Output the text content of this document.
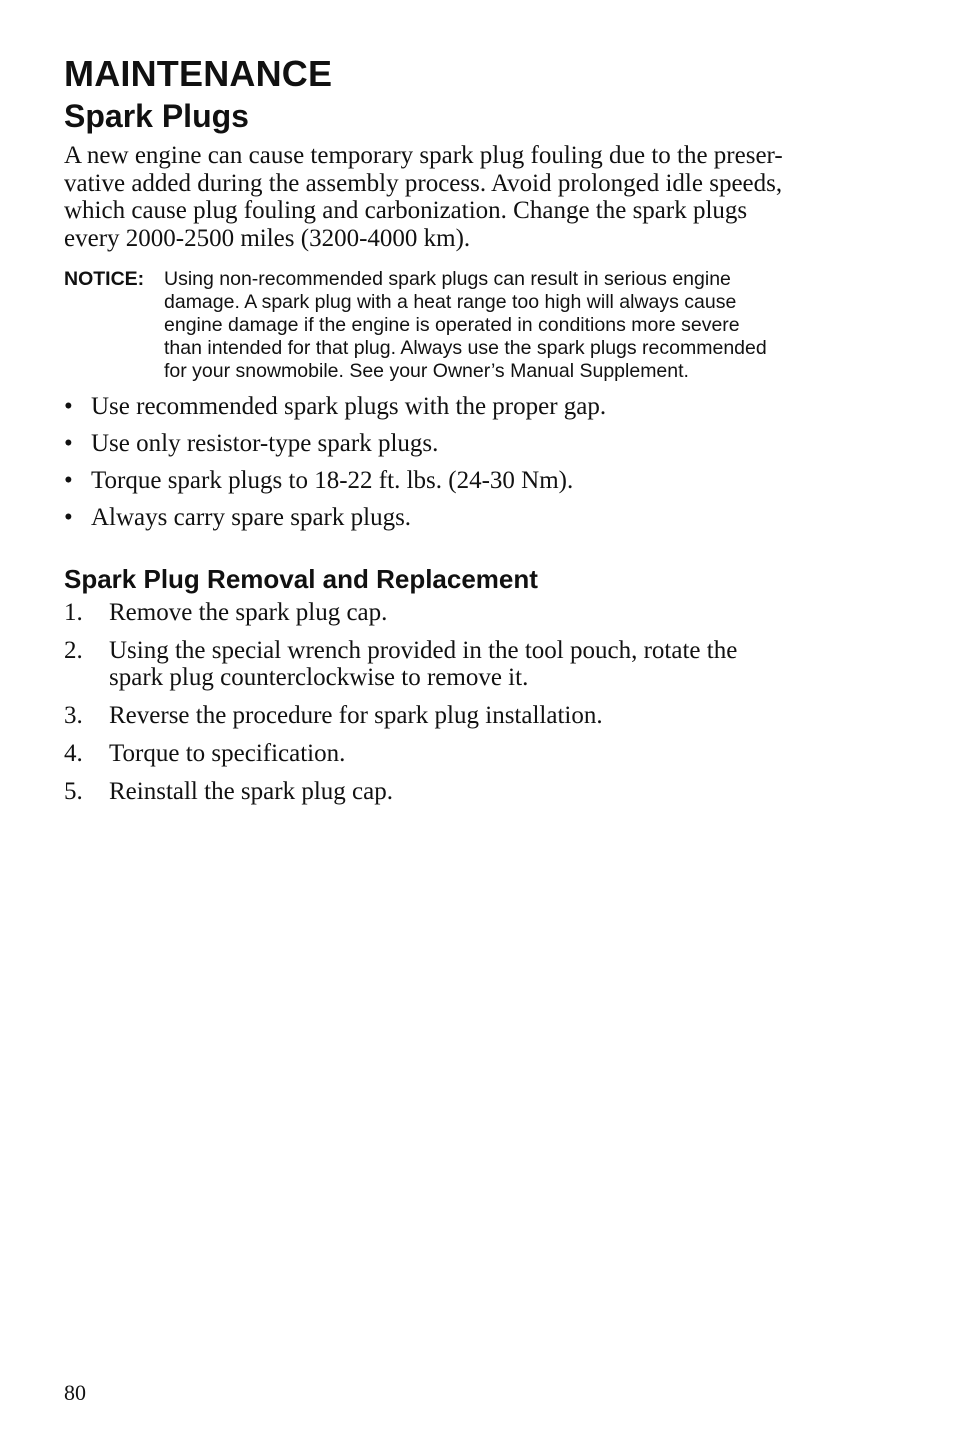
MAINTENANCE
Spark Plugs
A new engine can cause temporary spark plug fouling due to the preser-
vative added during the assembly process. Avoid prolonged idle speeds,
which cause plug fouling and carbonization. Change the spark plugs
every 2000-2500 miles (3200-4000 km).
NOTICE: Using non-recommended spark plugs can result in serious engine
damage. A spark plug with a heat range too high will always cause
engine damage if the engine is operated in conditions more severe
than intended for that plug. Always use the spark plugs recommended
for your snowmobile. See your Owner’s Manual Supplement.
• Use recommended spark plugs with the proper gap.
• Use only resistor-type spark plugs.
• Torque spark plugs to 18-22 ft. lbs. (24-30 Nm).
• Always carry spare spark plugs.
Spark Plug Removal and Replacement
1.	Remove the spark plug cap.
2.	Using the special wrench provided in the tool pouch, rotate the
spark plug counterclockwise to remove it.
3.	Reverse the procedure for spark plug installation.
4.	Torque to specification.
5.	Reinstall the spark plug cap.
80
